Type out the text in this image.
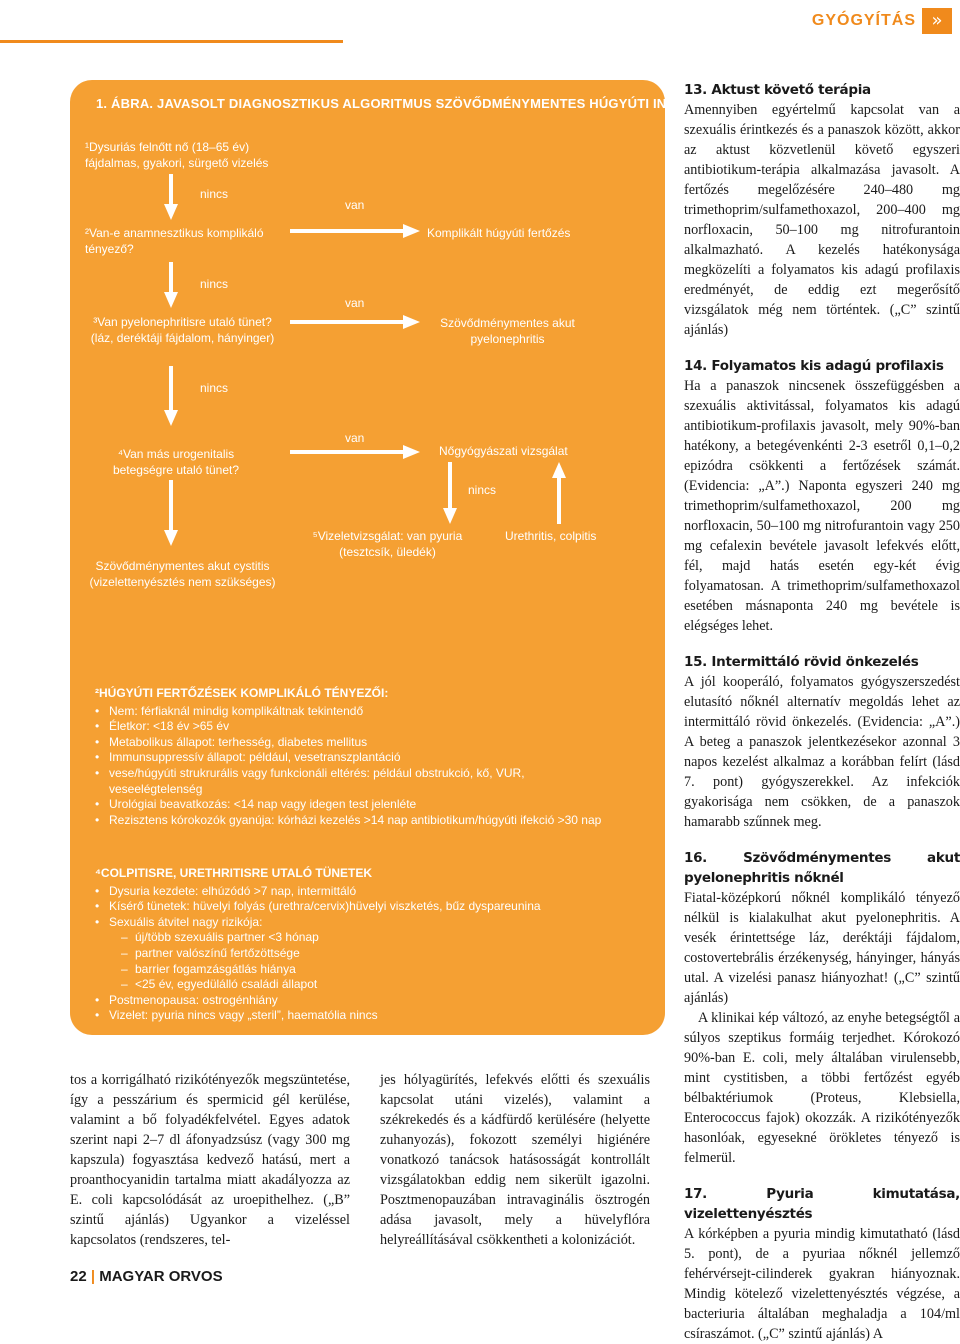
GYÓGYÍTÁS »
1. ÁBRA. JAVASOLT DIAGNOSZTIKUS ALGORITMUS SZÖVŐDMÉNYMENTES HÚGYÚTI INFEKCIÓBAN
¹Dysuriás felnőtt nő (18–65 év) fájdalmas, gyakori, sürgető vizelés
nincs
²Van-e anamnesztikus komplikáló tényező?
nincs
³Van pyelonephritisre utaló tünet? (láz, deréktáji fájdalom, hányinger)
nincs
⁴Van más urogenitalis betegségre utaló tünet?
Szövődménymentes akut cystitis (vizelettenyésztés nem szükséges)
van
Komplikált húgyúti fertőzés
van
Szövődménymentes akut pyelonephritis
van
Nőgyógyászati vizsgálat
nincs
⁵Vizeletvizsgálat: van pyuria (tesztcsík, üledék)
Urethritis, colpitis
²HÚGYÚTI FERTŐZÉSEK KOMPLIKÁLÓ TÉNYEZŐI:
• Nem: férfiaknál mindig komplikáltnak tekintendő
• Életkor: <18 év >65 év
• Metabolikus állapot: terhesség, diabetes mellitus
• Immunsuppressív állapot: például, vesetranszplantáció
• vese/húgyúti strukrurális vagy funkcionáli eltérés: például obstrukció, kő, VUR, veseelégtelenség
• Urológiai beavatkozás: <14 nap vagy idegen test jelenléte
• Rezisztens kórokozók gyanúja: kórházi kezelés >14 nap antibiotikum/húgyúti ifekció >30 nap
⁴COLPITISRE, URETHRITISRE UTALÓ TÜNETEK
• Dysuria kezdete: elhúzódó >7 nap, intermittáló
• Kísérő tünetek: hüvelyi folyás (urethra/cervix)hüvelyi viszketés, bűz dyspareunina
• Sexuális átvitel nagy rizikója:
– új/több szexuális partner <3 hónap
– partner valószínű fertőzöttsége
– barrier fogamzásgátlás hiánya
– <25 év, egyedülálló családi állapot
• Postmenopausa: ostrogénhiány
• Vizelet: pyuria nincs vagy „steril”, haematólia nincs
tos a korrigálható rizikótényezők megszüntetése, így a pesszárium és spermicid gél kerülése, valamint a bő folyadékfelvétel. Egyes adatok szerint napi 2–7 dl áfonyadzsúsz (vagy 300 mg kapszula) fogyasztása kedvező hatású, mert a proanthocyanidin tartalma miatt akadályozza az E. coli kapcsolódását az uroepithelhez. („B” szintű ajánlás) Ugyankor a vizeléssel kapcsolatos (rendszeres, tel-
jes hólyagürítés, lefekvés előtti és szexuális kapcsolat utáni vizelés), valamint a székrekedés és a kádfürdő kerülésére (helyette zuhanyozás), fokozott személyi higiénére vonatkozó tanácsok hatásosságát kontrollált vizsgálatokban eddig nem sikerült igazolni. Posztmenopauzában intravaginális ösztrogén adása javasolt, mely a hüvelyflóra helyreállításával csökkentheti a kolonizációt.

13. Aktust követő terápia

Amennyiben egyértelmű kapcsolat van a szexuális érintkezés és a panaszok között, akkor az aktust közvetlenül követő egyszeri antibiotikum-terápia alkalmazása javasolt. A fertőzés megelőzésére 240–480 mg trimethoprim/sulfamethoxazol, 200–400 mg norfloxacin, 50–100 mg nitrofurantoin alkalmazható. A kezelés hatékonysága megközelíti a folyamatos kis adagú profilaxis eredményét, de eddig ezt megerősítő vizsgálatok még nem történtek. („C” szintű ajánlás)

14. Folyamatos kis adagú profilaxis

Ha a panaszok nincsenek összefüggésben a szexuális aktivitással, folyamatos kis adagú antibiotikum-profilaxis javasolt, mely 90%-ban hatékony, a betegévenkénti 2-3 esetről 0,1–0,2 epizódra csökkenti a fertőzések számát. (Evidencia: „A”.) Naponta egyszeri 240 mg trimethoprim/sulfamethoxazol, 200 mg norfloxacin, 50–100 mg nitrofurantoin vagy 250 mg cefalexin bevétele javasolt lefekvés előtt, fél, majd hatás esetén egy-két évig folyamatosan. A trimethoprim/sulfamethoxazol esetében másnaponta 240 mg bevétele is elégséges lehet.

15. Intermittáló rövid önkezelés

A jól kooperáló, folyamatos gyógyszerszedést elutasító nőknél alternatív megoldás lehet az intermittáló rövid önkezelés. (Evidencia: „A”.) A beteg a panaszok jelentkezésekor azonnal 3 napos kezelést alkalmaz a korábban felírt (lásd 7. pont) gyógyszerekkel. Az infekciók gyakorisága nem csökken, de a panaszok hamarabb szűnnek meg.

16. Szövődménymentes akut pyelonephritis nőknél

Fiatal-középkorú nőknél komplikáló tényező nélkül is kialakulhat akut pyelonephritis. A vesék érintettsége láz, deréktáji fájdalom, costovertebrális érzékenység, hányinger, hányás utal. A vizelési panasz hiányozhat! („C” szintű ajánlás)
A klinikai kép változó, az enyhe betegségtől a súlyos szeptikus formáig terjedhet. Kórokozó 90%-ban E. coli, mely általában virulensebb, mint cystitisben, a többi fertőzést egyéb bélbaktériumok (Proteus, Klebsiella, Enterococcus fajok) okozzák. A rizikótényezők hasonlóak, egyesekné örökletes tényező is felmerül.

17. Pyuria kimutatása, vizelettenyésztés

A kórképben a pyuria mindig kimutatható (lásd 5. pont), de a pyuriaa nőknél jellemző fehérvérsejt-cilinderek gyakran hiányoznak. Mindig kötelező vizelettenyésztés végzése, a bacteriuria általában meghaladja a 104/ml csíraszámot. („C” szintű ajánlás) A
22 | MAGYAR ORVOS
